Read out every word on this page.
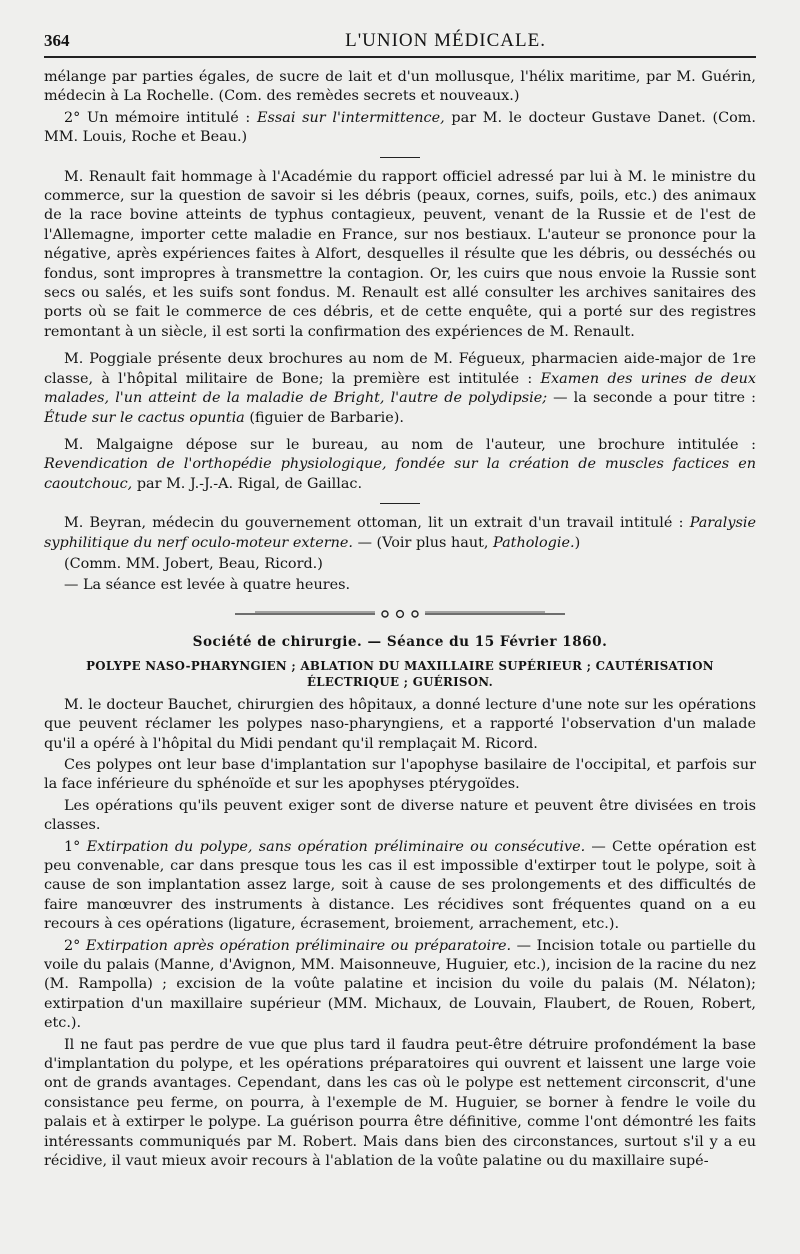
364	L'UNION MÉDICALE.

mélange par parties égales, de sucre de lait et d'un mollusque, l'hélix maritime, par M. Guérin, médecin à La Rochelle. (Com. des remèdes secrets et nouveaux.)

2° Un mémoire intitulé : Essai sur l'intermittence, par M. le docteur Gustave Danet. (Com. MM. Louis, Roche et Beau.)

M. Renault fait hommage à l'Académie du rapport officiel adressé par lui à M. le ministre du commerce, sur la question de savoir si les débris (peaux, cornes, suifs, poils, etc.) des animaux de la race bovine atteints de typhus contagieux, peuvent, venant de la Russie et de l'est de l'Allemagne, importer cette maladie en France, sur nos bestiaux. L'auteur se prononce pour la négative, après expériences faites à Alfort, desquelles il résulte que les débris, ou desséchés ou fondus, sont impropres à transmettre la contagion. Or, les cuirs que nous envoie la Russie sont secs ou salés, et les suifs sont fondus. M. Renault est allé consulter les archives sanitaires des ports où se fait le commerce de ces débris, et de cette enquête, qui a porté sur des registres remontant à un siècle, il est sorti la confirmation des expériences de M. Renault.

M. Poggiale présente deux brochures au nom de M. Fégueux, pharmacien aide-major de 1re classe, à l'hôpital militaire de Bone; la première est intitulée : Examen des urines de deux malades, l'un atteint de la maladie de Bright, l'autre de polydipsie; — la seconde a pour titre : Étude sur le cactus opuntia (figuier de Barbarie).

M. Malgaigne dépose sur le bureau, au nom de l'auteur, une brochure intitulée : Revendication de l'orthopédie physiologique, fondée sur la création de muscles factices en caoutchouc, par M. J.-J.-A. Rigal, de Gaillac.

M. Beyran, médecin du gouvernement ottoman, lit un extrait d'un travail intitulé : Paralysie syphilitique du nerf oculo-moteur externe. — (Voir plus haut, Pathologie.)

(Comm. MM. Jobert, Beau, Ricord.)

— La séance est levée à quatre heures.

Société de chirurgie. — Séance du 15 Février 1860.
POLYPE NASO-PHARYNGIEN ; ABLATION DU MAXILLAIRE SUPÉRIEUR ; CAUTÉRISATION ÉLECTRIQUE ; GUÉRISON.

M. le docteur Bauchet, chirurgien des hôpitaux, a donné lecture d'une note sur les opérations que peuvent réclamer les polypes naso-pharyngiens, et a rapporté l'observation d'un malade qu'il a opéré à l'hôpital du Midi pendant qu'il remplaçait M. Ricord.

Ces polypes ont leur base d'implantation sur l'apophyse basilaire de l'occipital, et parfois sur la face inférieure du sphénoïde et sur les apophyses ptérygoïdes.

Les opérations qu'ils peuvent exiger sont de diverse nature et peuvent être divisées en trois classes.

1° Extirpation du polype, sans opération préliminaire ou consécutive. — Cette opération est peu convenable, car dans presque tous les cas il est impossible d'extirper tout le polype, soit à cause de son implantation assez large, soit à cause de ses prolongements et des difficultés de faire manœuvrer des instruments à distance. Les récidives sont fréquentes quand on a eu recours à ces opérations (ligature, écrasement, broiement, arrachement, etc.).

2° Extirpation après opération préliminaire ou préparatoire. — Incision totale ou partielle du voile du palais (Manne, d'Avignon, MM. Maisonneuve, Huguier, etc.), incision de la racine du nez (M. Rampolla) ; excision de la voûte palatine et incision du voile du palais (M. Nélaton); extirpation d'un maxillaire supérieur (MM. Michaux, de Louvain, Flaubert, de Rouen, Robert, etc.).

Il ne faut pas perdre de vue que plus tard il faudra peut-être détruire profondément la base d'implantation du polype, et les opérations préparatoires qui ouvrent et laissent une large voie ont de grands avantages. Cependant, dans les cas où le polype est nettement circonscrit, d'une consistance peu ferme, on pourra, à l'exemple de M. Huguier, se borner à fendre le voile du palais et à extirper le polype. La guérison pourra être définitive, comme l'ont démontré les faits intéressants communiqués par M. Robert. Mais dans bien des circonstances, surtout s'il y a eu récidive, il vaut mieux avoir recours à l'ablation de la voûte palatine ou du maxillaire supé-
